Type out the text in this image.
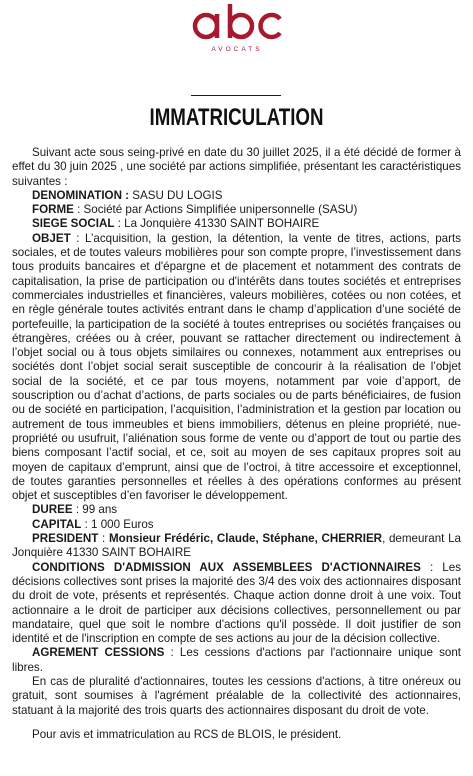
AVOCATS
IMMATRICULATION

Suivant acte sous seing-privé en date du 30 juillet 2025, il a été décidé de former à effet du 30 juin 2025 , une société par actions simplifiée, présentant les caractéristiques suivantes :

DENOMINATION : SASU DU LOGIS

FORME : Société par Actions Simplifiée unipersonnelle (SASU)

SIEGE SOCIAL : La Jonquière 41330 SAINT BOHAIRE

OBJET : L’acquisition, la gestion, la détention, la vente de titres, actions, parts sociales, et de toutes valeurs mobilières pour son compte propre, l’investissement dans tous produits bancaires et d'épargne et de placement et notamment des contrats de capitalisation, la prise de participation ou d'intérêts dans toutes sociétés et entreprises commerciales industrielles et financières, valeurs mobilières, cotées ou non cotées, et en règle générale toutes activités entrant dans le champ d’application d’une société de portefeuille, la participation de la société à toutes entreprises ou sociétés françaises ou étrangères, créées ou à créer, pouvant se rattacher directement ou indirectement à l’objet social ou à tous objets similaires ou connexes, notamment aux entreprises ou sociétés dont l’objet social serait susceptible de concourir à la réalisation de l’objet social de la société, et ce par tous moyens, notamment par voie d’apport, de souscription ou d’achat d’actions, de parts sociales ou de parts bénéficiaires, de fusion ou de société en participation, l’acquisition, l’administration et la gestion par location ou autrement de tous immeubles et biens immobiliers, détenus en pleine propriété, nue-propriété ou usufruit, l’aliénation sous forme de vente ou d’apport de tout ou partie des biens composant l’actif social, et ce, soit au moyen de ses capitaux propres soit au moyen de capitaux d’emprunt, ainsi que de l’octroi, à titre accessoire et exceptionnel, de toutes garanties personnelles et réelles à des opérations conformes au présent objet et susceptibles d’en favoriser le développement.

DUREE : 99 ans

CAPITAL : 1 000 Euros

PRESIDENT : Monsieur Frédéric, Claude, Stéphane, CHERRIER, demeurant La Jonquière 41330 SAINT BOHAIRE

CONDITIONS D'ADMISSION AUX ASSEMBLEES D'ACTIONNAIRES : Les décisions collectives sont prises la majorité des 3/4 des voix des actionnaires disposant du droit de vote, présents et représentés. Chaque action donne droit à une voix. Tout actionnaire a le droit de participer aux décisions collectives, personnellement ou par mandataire, quel que soit le nombre d'actions qu'il possède. Il doit justifier de son identité et de l'inscription en compte de ses actions au jour de la décision collective.

AGREMENT CESSIONS : Les cessions d'actions par l'actionnaire unique sont libres.

En cas de pluralité d'actionnaires, toutes les cessions d'actions, à titre onéreux ou gratuit, sont soumises à l'agrément préalable de la collectivité des actionnaires, statuant à la majorité des trois quarts des actionnaires disposant du droit de vote.

Pour avis et immatriculation au RCS de BLOIS, le président.
